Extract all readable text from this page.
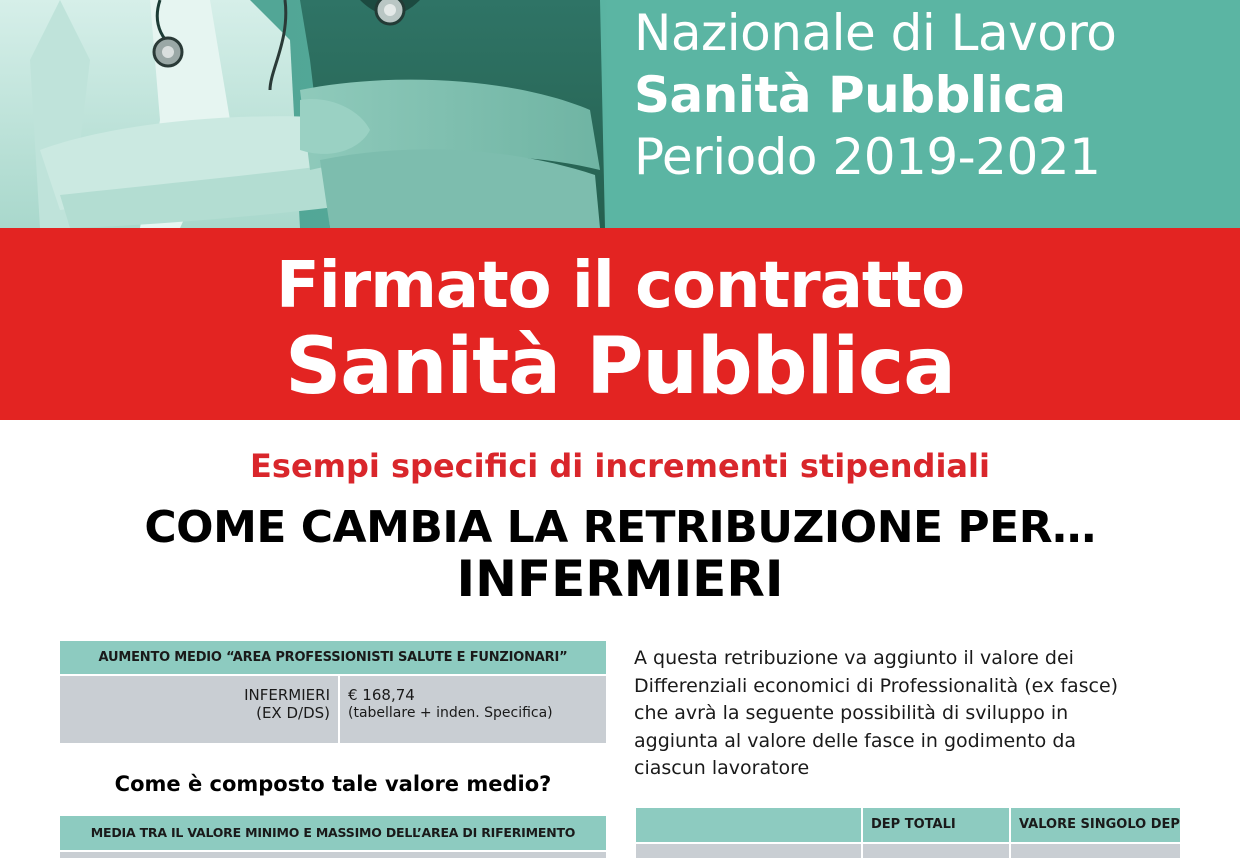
Nazionale di Lavoro
Sanità Pubblica
Periodo 2019-2021
Firmato il contratto
Sanità Pubblica
Esempi specifici di incrementi stipendiali
COME CAMBIA LA RETRIBUZIONE PER…
INFERMIERI
AUMENTO MEDIO “AREA PROFESSIONISTI SALUTE E FUNZIONARI”
INFERMIERI
(EX D/DS)
€ 168,74
(tabellare + inden. Specifica)
Come è composto tale valore medio?
MEDIA TRA IL VALORE MINIMO E MASSIMO DELL’AREA DI RIFERIMENTO
A questa retribuzione va aggiunto il valore dei
Differenziali economici di Professionalità (ex fasce)
che avrà la seguente possibilità di sviluppo in
aggiunta al valore delle fasce in godimento da
ciascun lavoratore
DEP TOTALI	VALORE SINGOLO DEP
